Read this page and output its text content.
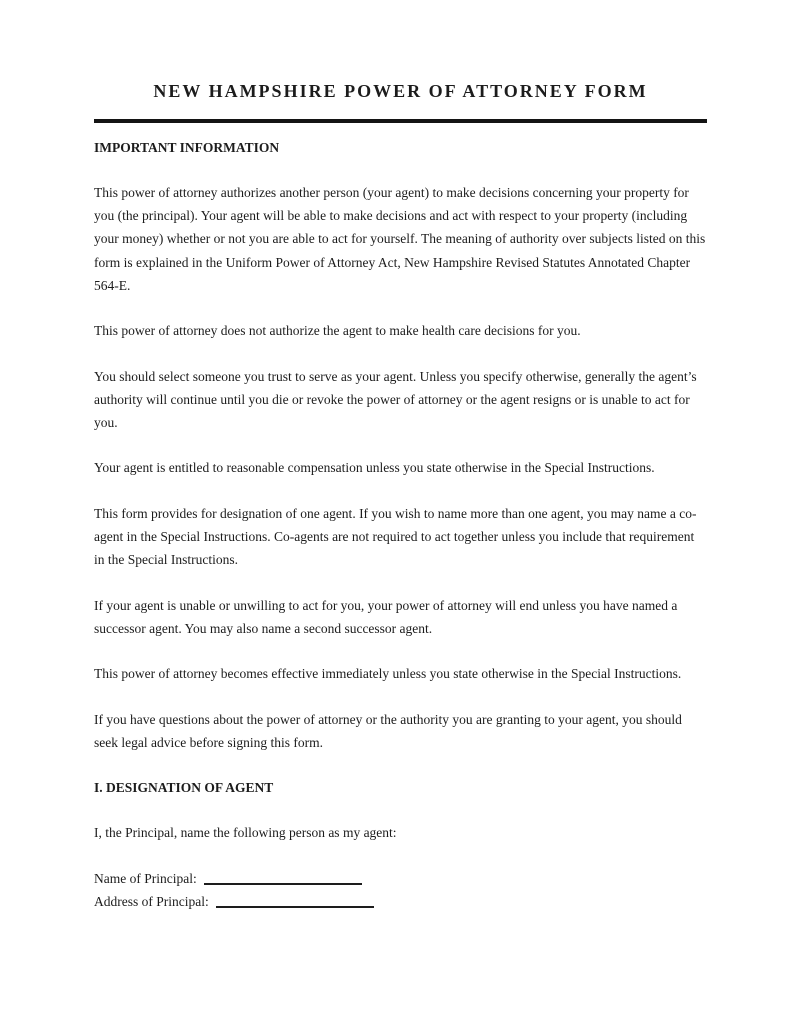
NEW HAMPSHIRE POWER OF ATTORNEY FORM
IMPORTANT INFORMATION

This power of attorney authorizes another person (your agent) to make decisions concerning your property for you (the principal). Your agent will be able to make decisions and act with respect to your property (including your money) whether or not you are able to act for yourself. The meaning of authority over subjects listed on this form is explained in the Uniform Power of Attorney Act, New Hampshire Revised Statutes Annotated Chapter 564-E.

This power of attorney does not authorize the agent to make health care decisions for you.

You should select someone you trust to serve as your agent. Unless you specify otherwise, generally the agent’s authority will continue until you die or revoke the power of attorney or the agent resigns or is unable to act for you.

Your agent is entitled to reasonable compensation unless you state otherwise in the Special Instructions.

This form provides for designation of one agent. If you wish to name more than one agent, you may name a co-agent in the Special Instructions. Co-agents are not required to act together unless you include that requirement in the Special Instructions.

If your agent is unable or unwilling to act for you, your power of attorney will end unless you have named a successor agent. You may also name a second successor agent.

This power of attorney becomes effective immediately unless you state otherwise in the Special Instructions.

If you have questions about the power of attorney or the authority you are granting to your agent, you should seek legal advice before signing this form.

I. DESIGNATION OF AGENT

I, the Principal, name the following person as my agent:

Name of Principal:
Address of Principal:
